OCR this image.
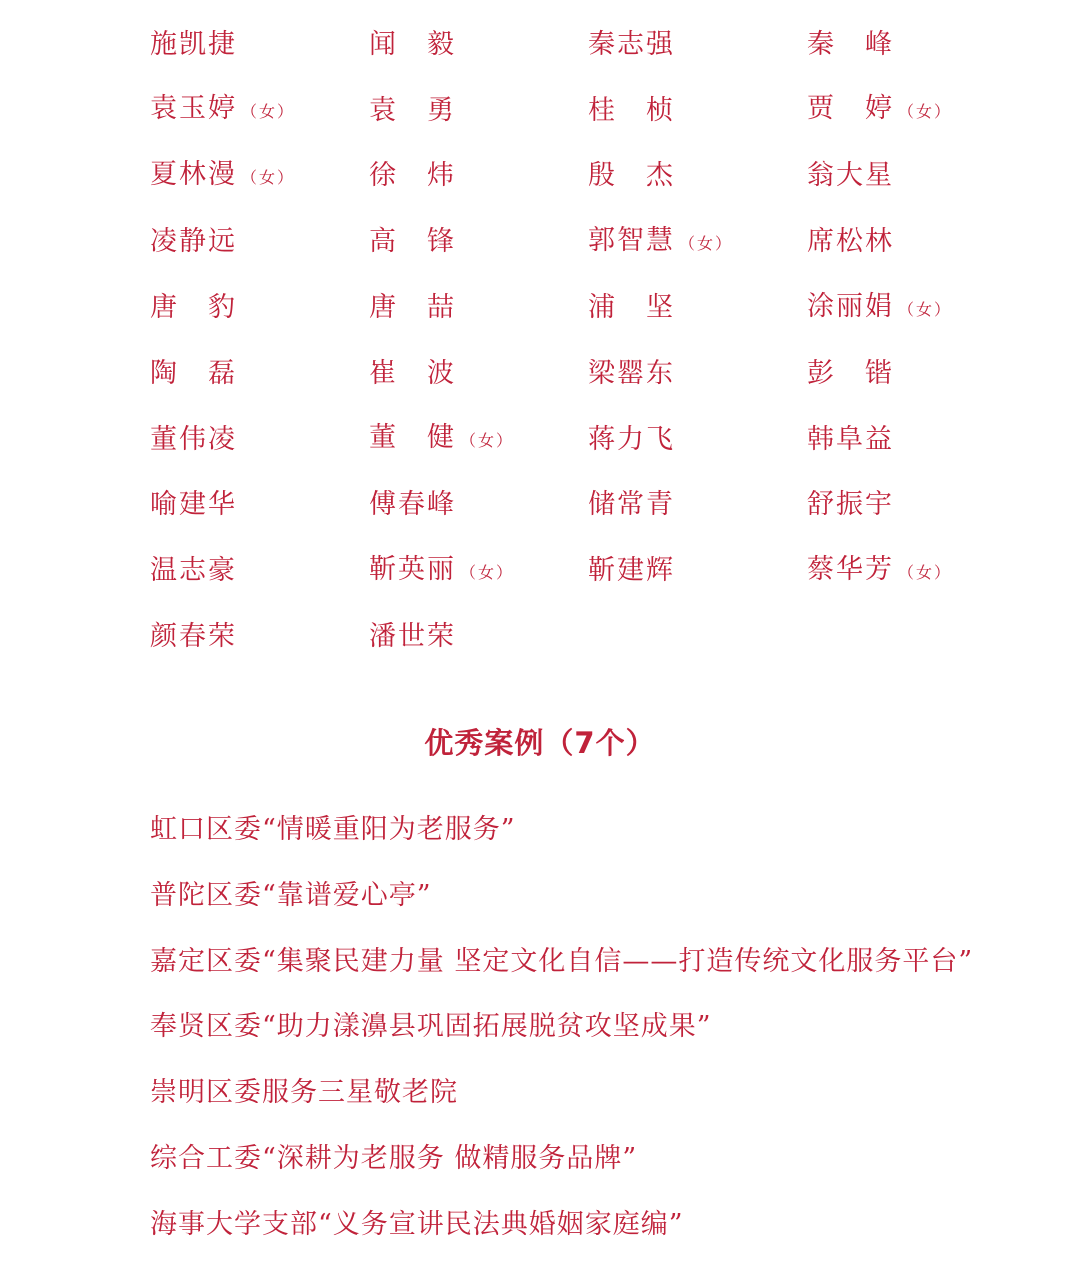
施凯捷	闻　毅	秦志强	秦　峰
袁玉婷 （女）	袁　勇	桂　桢	贾　婷 （女）
夏林漫 （女）	徐　炜	殷　杰	翁大星
凌静远	高　锋	郭智慧 （女）	席松林
唐　豹	唐　喆	浦　坚	涂丽娟 （女）
陶　磊	崔　波	梁罂东	彭　锴
董伟凌	董　健 （女）	蒋力飞	韩阜益
喻建华	傅春峰	储常青	舒振宇
温志豪	靳英丽 （女）	靳建辉	蔡华芳 （女）
颜春荣	潘世荣
优秀案例（7个）
虹口区委“情暖重阳为老服务”
普陀区委“靠谱爱心亭”
嘉定区委“集聚民建力量 坚定文化自信——打造传统文化服务平台”
奉贤区委“助力漾濞县巩固拓展脱贫攻坚成果”
崇明区委服务三星敬老院
综合工委“深耕为老服务 做精服务品牌”
海事大学支部“义务宣讲民法典婚姻家庭编”
